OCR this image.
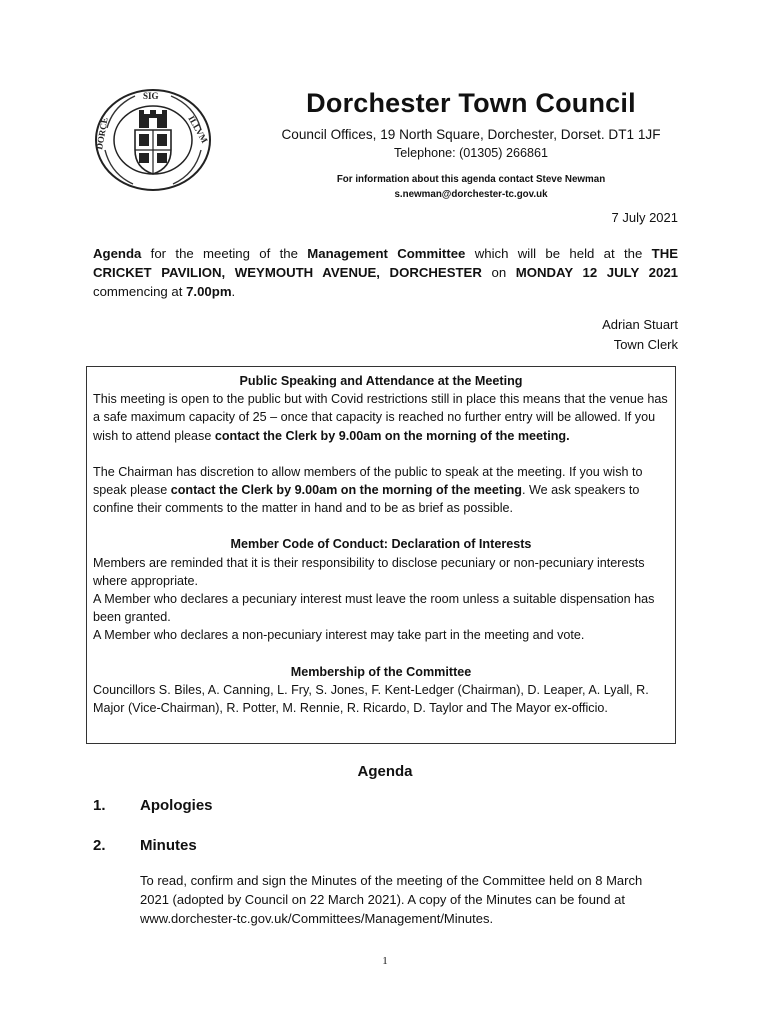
SIG
ILLVM
DORCE
Dorchester Town Council
Council Offices, 19 North Square, Dorchester, Dorset. DT1 1JF
Telephone: (01305) 266861
For information about this agenda contact Steve Newman
s.newman@dorchester-tc.gov.uk
7 July 2021
Agenda for the meeting of the Management Committee which will be held at the THE
CRICKET PAVILION, WEYMOUTH AVENUE, DORCHESTER on MONDAY 12 JULY 2021
commencing at 7.00pm.
Adrian Stuart
Town Clerk
Public Speaking and Attendance at the Meeting

This meeting is open to the public but with Covid restrictions still in place this means that the venue has a safe maximum capacity of 25 – once that capacity is reached no further entry will be allowed. If you wish to attend please contact the Clerk by 9.00am on the morning of the meeting.

The Chairman has discretion to allow members of the public to speak at the meeting. If you wish to speak please contact the Clerk by 9.00am on the morning of the meeting. We ask speakers to confine their comments to the matter in hand and to be as brief as possible.

Member Code of Conduct: Declaration of Interests

Members are reminded that it is their responsibility to disclose pecuniary or non-pecuniary interests where appropriate.

A Member who declares a pecuniary interest must leave the room unless a suitable dispensation has been granted.

A Member who declares a non-pecuniary interest may take part in the meeting and vote.

Membership of the Committee

Councillors S. Biles, A. Canning, L. Fry, S. Jones, F. Kent-Ledger (Chairman), D. Leaper, A. Lyall, R. Major (Vice-Chairman), R. Potter, M. Rennie, R. Ricardo, D. Taylor and The Mayor ex-officio.

Agenda
1. Apologies
2. Minutes
To read, confirm and sign the Minutes of the meeting of the Committee held on 8 March 2021 (adopted by Council on 22 March 2021). A copy of the Minutes can be found at www.dorchester-tc.gov.uk/Committees/Management/Minutes.
1
